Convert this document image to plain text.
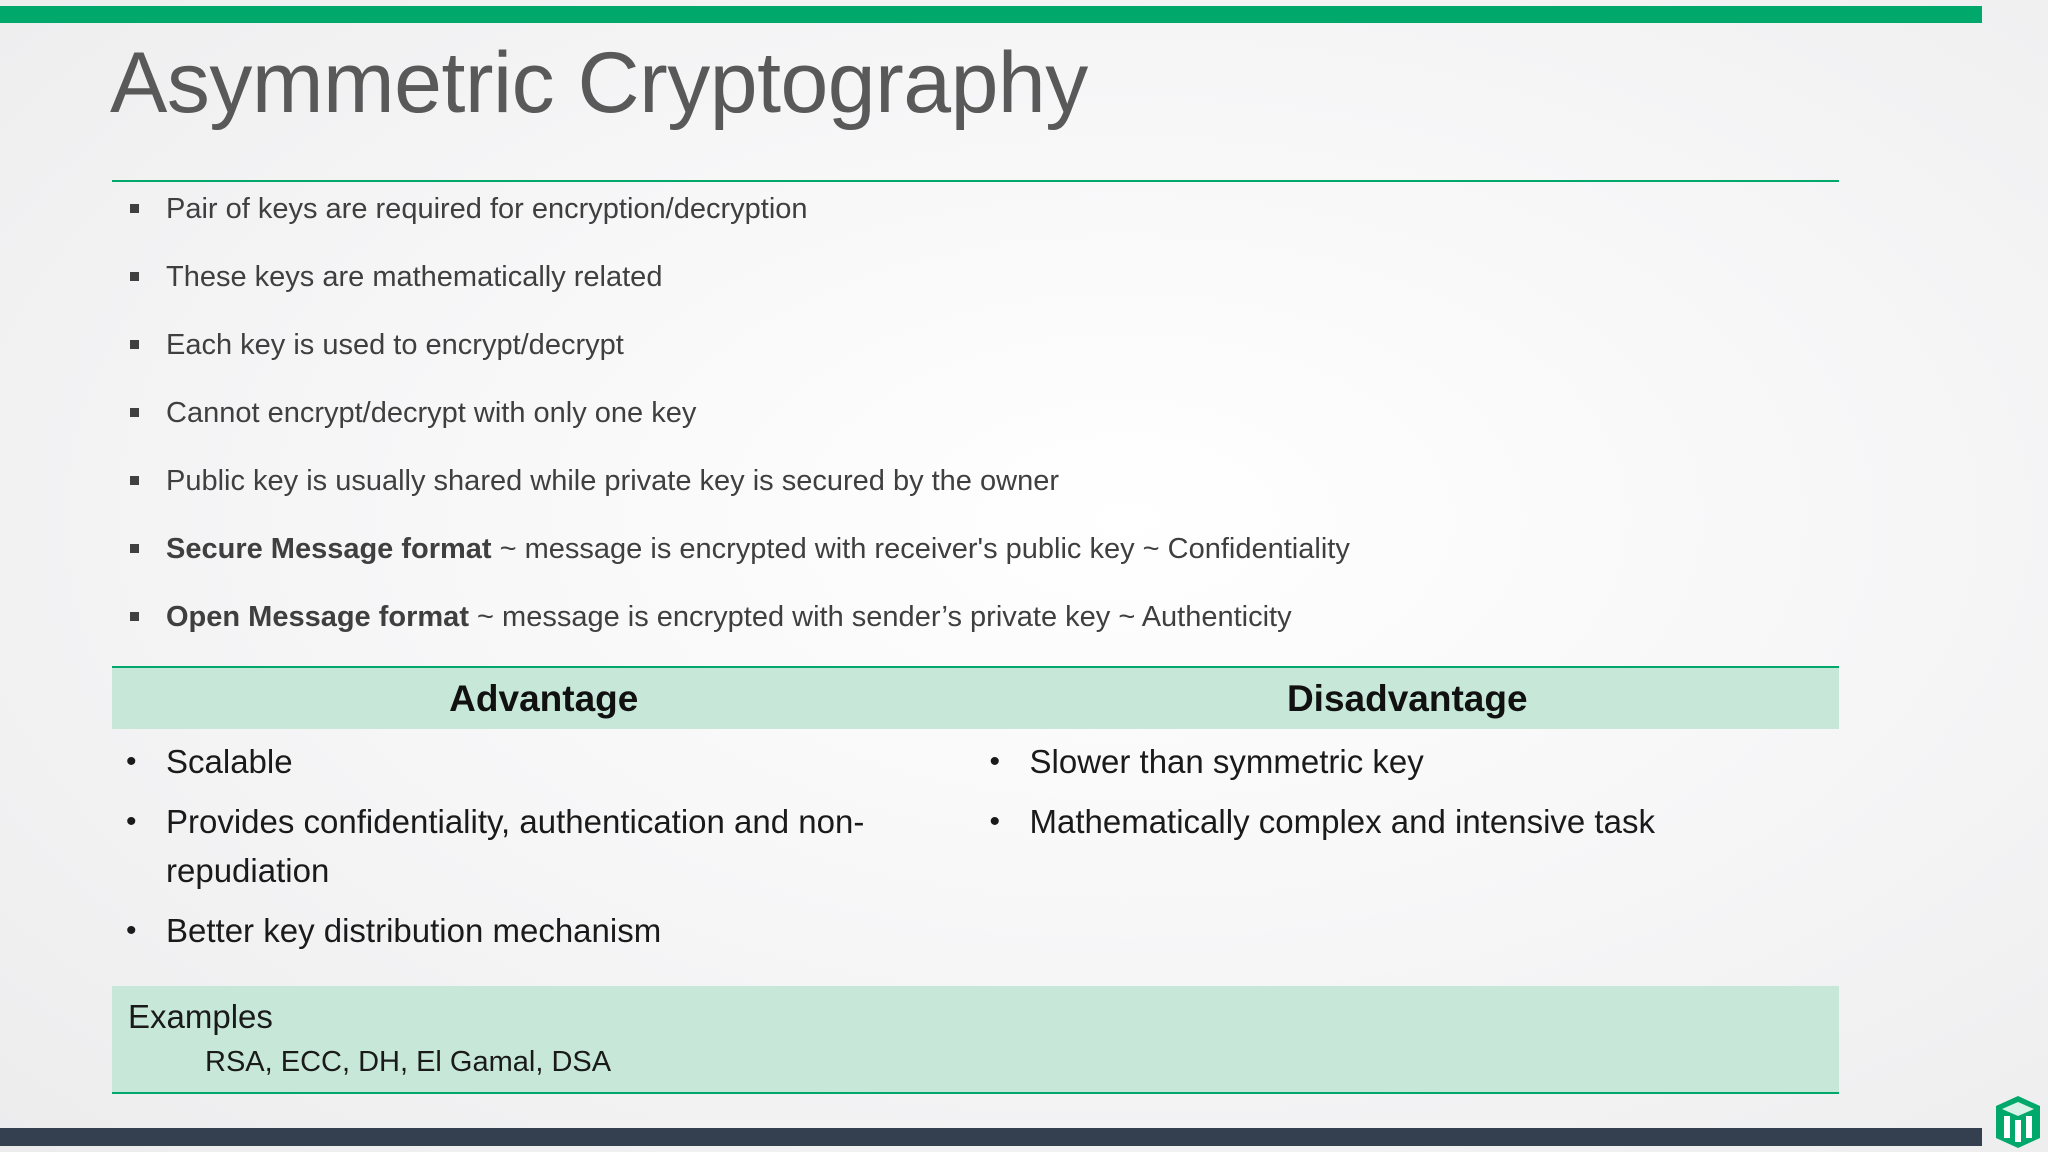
Asymmetric Cryptography
Pair of keys are required for encryption/decryption
These keys are mathematically related
Each key is used to encrypt/decrypt
Cannot encrypt/decrypt with only one key
Public key is usually shared while private key is secured by the owner
Secure Message format ~ message is encrypted with receiver's public key ~ Confidentiality
Open Message format ~ message is encrypted with sender’s private key ~ Authenticity
Advantage	Disadvantage
• Scalable
• Provides confidentiality, authentication and non-repudiation
• Better key distribution mechanism
• Slower than symmetric key
• Mathematically complex and intensive task
Examples
RSA, ECC, DH, El Gamal, DSA
